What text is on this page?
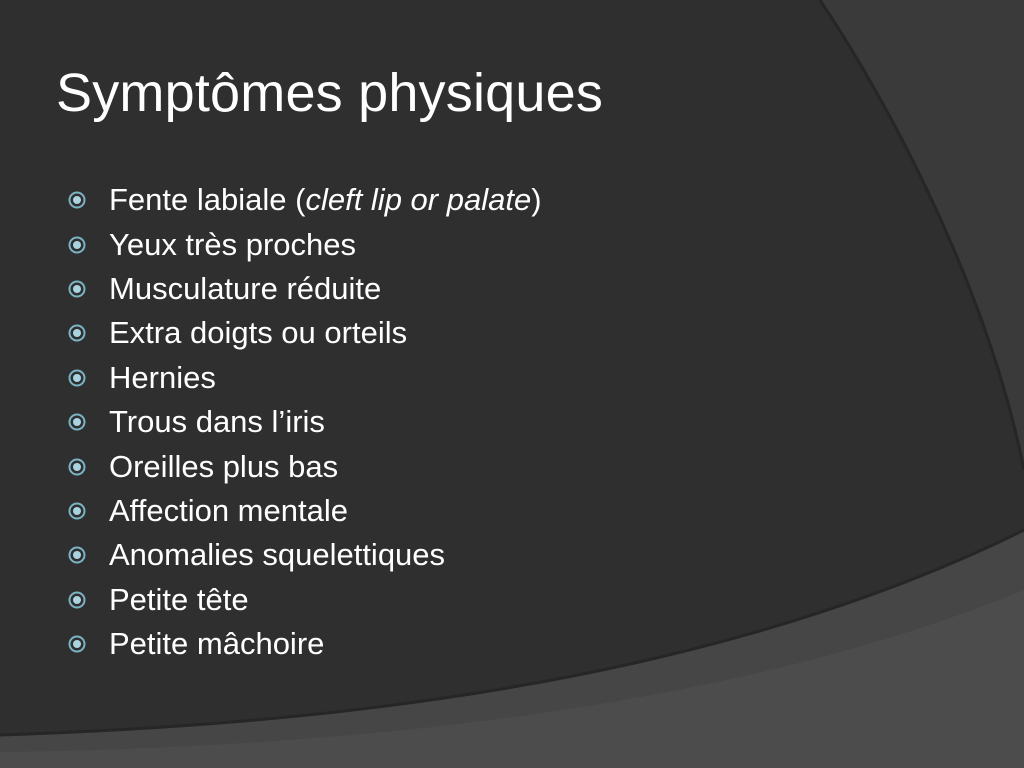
Symptômes physiques
Fente labiale (cleft lip or palate)
Yeux très proches
Musculature réduite
Extra doigts ou orteils
Hernies
Trous dans l’iris
Oreilles plus bas
Affection mentale
Anomalies squelettiques
Petite tête
Petite mâchoire
